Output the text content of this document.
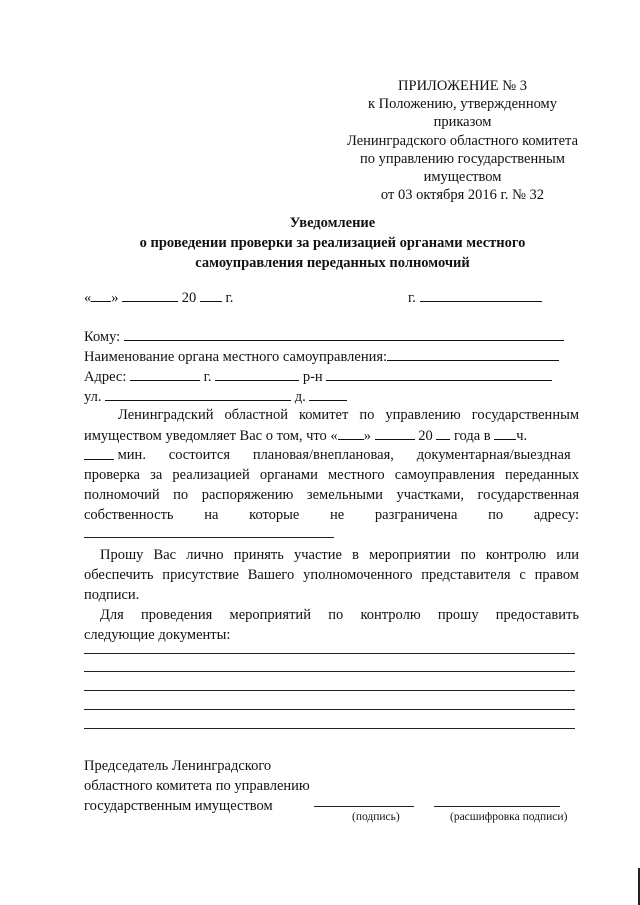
ПРИЛОЖЕНИЕ № 3
к Положению, утвержденному
приказом
Ленинградского областного комитета
по управлению государственным
имуществом
от 03 октября 2016 г. № 32
Уведомление
о проведении проверки за реализацией органами местного
самоуправления переданных полномочий
« »	20 г.	г.
Кому:
Наименование органа местного самоуправления:
Адрес:	г.	р-н
ул.	д.
Ленинградский областной комитет по управлению государственным
имуществом уведомляет Вас о том, что « »	20 года в ч.
мин. состоится плановая/внеплановая, документарная/выездная
проверка за реализацией органами местного самоуправления переданных
полномочий по распоряжению земельными участками, государственная
собственность на которые не разграничена по адресу:
Прошу Вас лично принять участие в мероприятии по контролю или
обеспечить присутствие Вашего уполномоченного представителя с правом
подписи.
Для проведения мероприятий по контролю прошу предоставить
следующие документы:
Председатель Ленинградского
областного комитета по управлению
государственным имуществом
(подпись)	(расшифровка подписи)
